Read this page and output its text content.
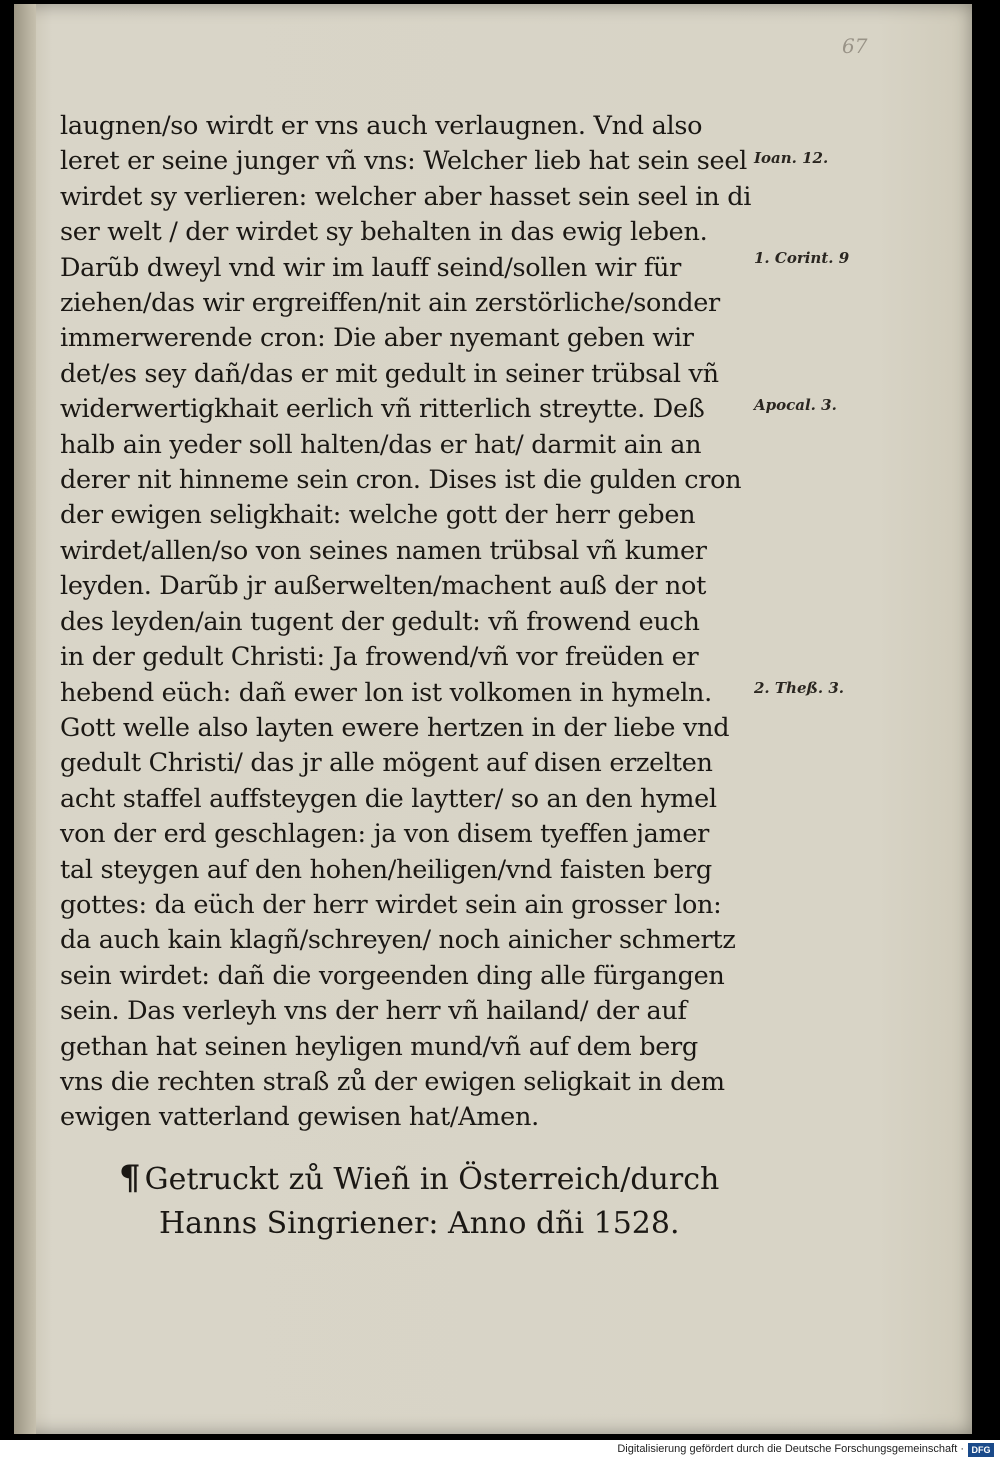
67
laugnen/so wirdt er vns auch verlaugnen. Vnd also
leret er seine junger vñ vns: Welcher lieb hat sein seel
wirdet sy verlieren: welcher aber hasset sein seel in di
ser welt / der wirdet sy behalten in das ewig leben.
Darũb dweyl vnd wir im lauff seind/sollen wir für
ziehen/das wir ergreiffen/nit ain zerstörliche/sonder
immerwerende cron: Die aber nyemant geben wir
det/es sey dañ/das er mit gedult in seiner trübsal vñ
widerwertigkhait eerlich vñ ritterlich streytte. Deß
halb ain yeder soll halten/das er hat/ darmit ain an
derer nit hinneme sein cron. Dises ist die gulden cron
der ewigen seligkhait: welche gott der herr geben
wirdet/allen/so von seines namen trübsal vñ kumer
leyden. Darũb jr außerwelten/machent auß der not
des leyden/ain tugent der gedult: vñ frowend euch
in der gedult Christi: Ja frowend/vñ vor freüden er
hebend eüch: dañ ewer lon ist volkomen in hymeln.
Gott welle also layten ewere hertzen in der liebe vnd
gedult Christi/ das jr alle mögent auf disen erzelten
acht staffel auffsteygen die laytter/ so an den hymel
von der erd geschlagen: ja von disem tyeffen jamer
tal steygen auf den hohen/heiligen/vnd faisten berg
gottes: da eüch der herr wirdet sein ain grosser lon:
da auch kain klagñ/schreyen/ noch ainicher schmertz
sein wirdet: dañ die vorgeenden ding alle fürgangen
sein. Das verleyh vns der herr vñ hailand/ der auf
gethan hat seinen heyligen mund/vñ auf dem berg
vns die rechten straß zů der ewigen seligkait in dem
ewigen vatterland gewisen hat/Amen.
Ioan. 12.
1. Corint. 9
Apocal. 3.
2. Theß. 3.
¶ Getruckt zů Wieñ in Österreich/durch
Hanns Singriener: Anno dñi 1528.
Digitalisierung gefördert durch die Deutsche Forschungsgemeinschaft · DFG
